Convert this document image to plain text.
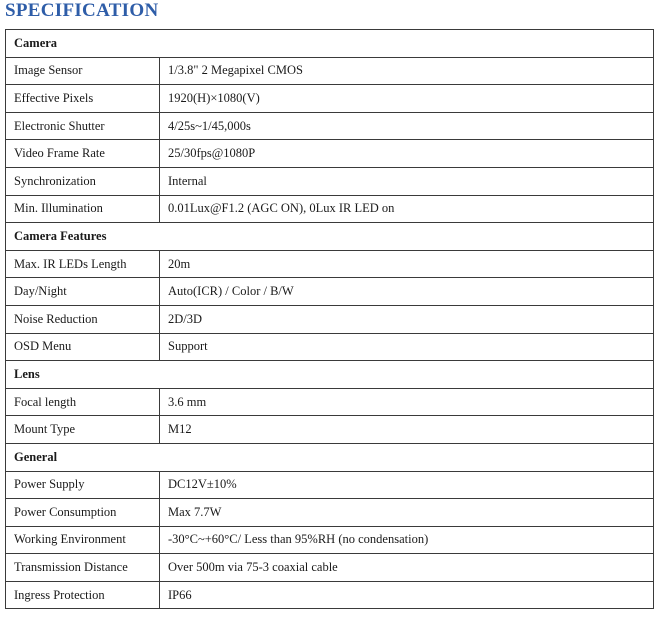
SPECIFICATION
Camera	
Image Sensor	1/3.8" 2 Megapixel CMOS
Effective Pixels	1920(H)×1080(V)
Electronic Shutter	4/25s~1/45,000s
Video Frame Rate	25/30fps@1080P
Synchronization	Internal
Min. Illumination	0.01Lux@F1.2 (AGC ON), 0Lux IR LED on
Camera Features	
Max. IR LEDs Length	20m
Day/Night	Auto(ICR) / Color / B/W
Noise Reduction	2D/3D
OSD Menu	Support
Lens	
Focal length	3.6 mm
Mount Type	M12
General	
Power Supply	DC12V±10%
Power Consumption	Max 7.7W
Working Environment	-30°C~+60°C/ Less than 95%RH (no condensation)
Transmission Distance	Over 500m via 75-3 coaxial cable
Ingress Protection	IP66
